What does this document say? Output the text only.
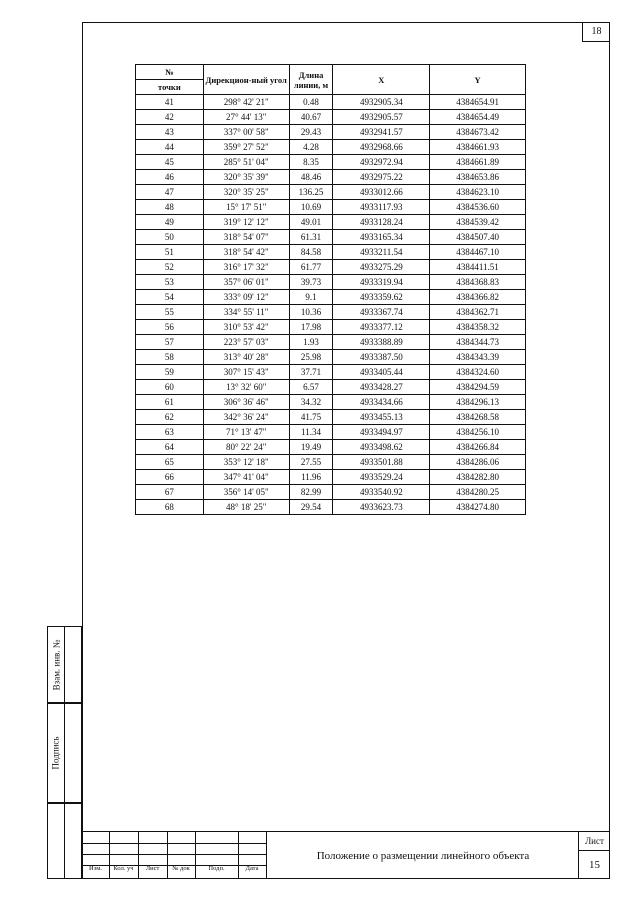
18
№	Дирекцион-ный угол	Длина линии, м	X	Y
точки				
41	298° 42' 21"	0.48	4932905.34	4384654.91
42	27° 44' 13"	40.67	4932905.57	4384654.49
43	337° 00' 58"	29.43	4932941.57	4384673.42
44	359° 27' 52"	4.28	4932968.66	4384661.93
45	285° 51' 04"	8.35	4932972.94	4384661.89
46	320° 35' 39"	48.46	4932975.22	4384653.86
47	320° 35' 25"	136.25	4933012.66	4384623.10
48	15° 17' 51"	10.69	4933117.93	4384536.60
49	319° 12' 12"	49.01	4933128.24	4384539.42
50	318° 54' 07"	61.31	4933165.34	4384507.40
51	318° 54' 42"	84.58	4933211.54	4384467.10
52	316° 17' 32"	61.77	4933275.29	4384411.51
53	357° 06' 01"	39.73	4933319.94	4384368.83
54	333° 09' 12"	9.1	4933359.62	4384366.82
55	334° 55' 11"	10.36	4933367.74	4384362.71
56	310° 53' 42"	17.98	4933377.12	4384358.32
57	223° 57' 03"	1.93	4933388.89	4384344.73
58	313° 40' 28"	25.98	4933387.50	4384343.39
59	307° 15' 43"	37.71	4933405.44	4384324.60
60	13° 32' 60"	6.57	4933428.27	4384294.59
61	306° 36' 46"	34.32	4933434.66	4384296.13
62	342° 36' 24"	41.75	4933455.13	4384268.58
63	71° 13' 47"	11.34	4933494.97	4384256.10
64	80° 22' 24"	19.49	4933498.62	4384266.84
65	353° 12' 18"	27.55	4933501.88	4384286.06
66	347° 41' 04"	11.96	4933529.24	4384282.80
67	356° 14' 05"	82.99	4933540.92	4384280.25
68	48° 18' 25"	29.54	4933623.73	4384274.80
Взам. инв. №
Подпись
Изм.	Кол. уч	Лист	№ док	Подп.	Дата
Положение о размещении линейного объекта
Лист
15
